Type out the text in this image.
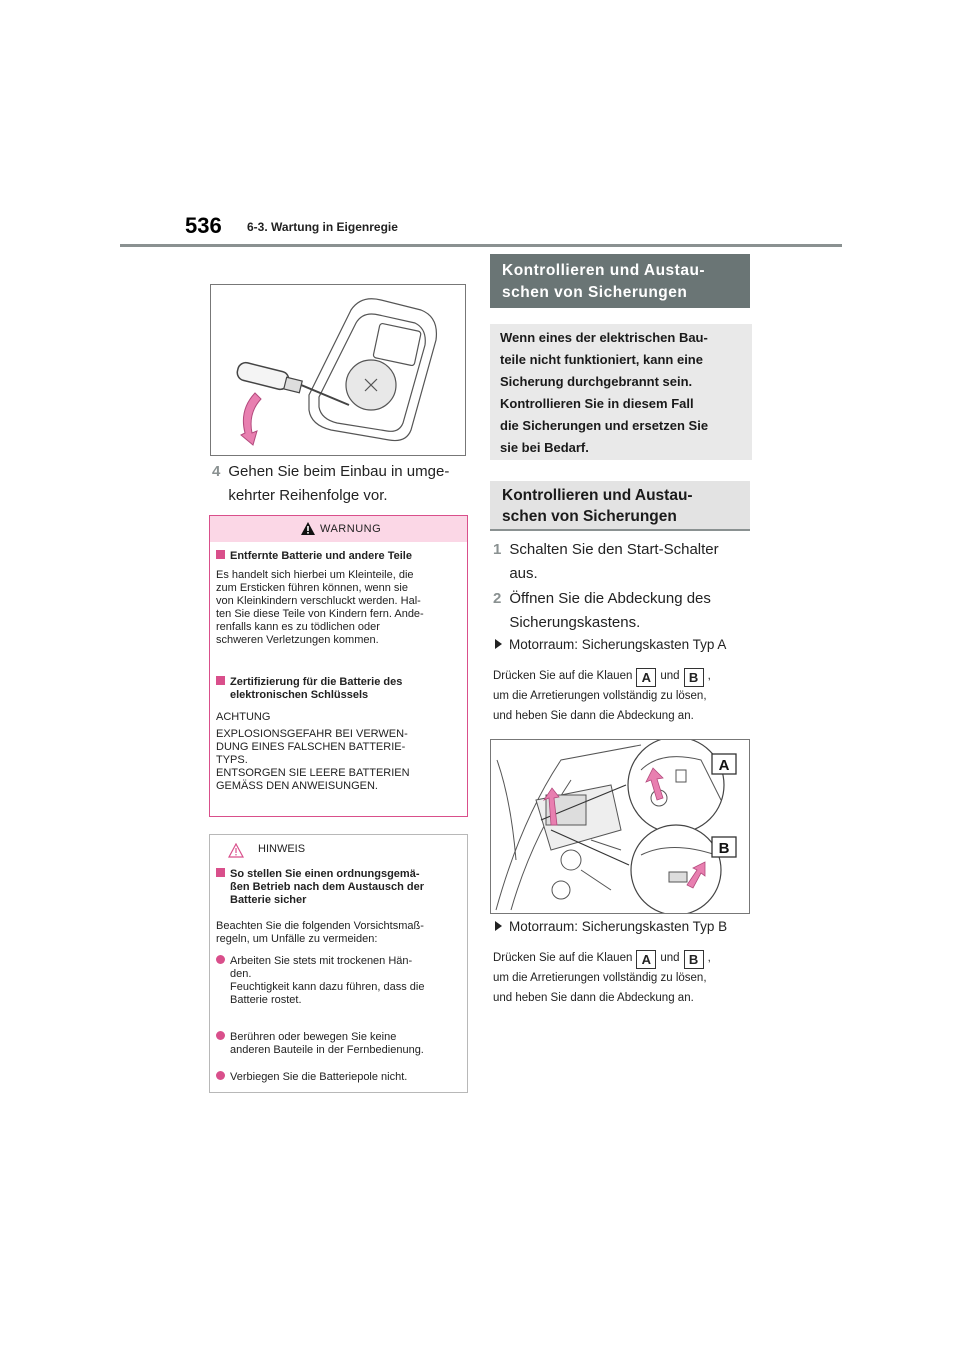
536 6-3. Wartung in Eigenregie
4 Gehen Sie beim Einbau in umge-
kehrter Reihenfolge vor.
WARNUNG
Entfernte Batterie und andere Teile
Es handelt sich hierbei um Kleinteile, die
zum Ersticken führen können, wenn sie
von Kleinkindern verschluckt werden. Hal-
ten Sie diese Teile von Kindern fern. Ande-
renfalls kann es zu tödlichen oder
schweren Verletzungen kommen.
Zertifizierung für die Batterie des

elektronischen Schlüssels
ACHTUNG

EXPLOSIONSGEFAHR BEI VERWEN-
DUNG EINES FALSCHEN BATTERIE-
TYPS.
ENTSORGEN SIE LEERE BATTERIEN
GEMÄSS DEN ANWEISUNGEN.
HINWEIS
So stellen Sie einen ordnungsgemä-

ßen Betrieb nach dem Austausch der
Batterie sicher
Beachten Sie die folgenden Vorsichtsmaß-
regeln, um Unfälle zu vermeiden:
Arbeiten Sie stets mit trockenen Hän-

den.
Feuchtigkeit kann dazu führen, dass die
Batterie rostet.
Berühren oder bewegen Sie keine

anderen Bauteile in der Fernbedienung.
Verbiegen Sie die Batteriepole nicht.
Kontrollieren und Austau-
schen von Sicherungen
Wenn eines der elektrischen Bau-
teile nicht funktioniert, kann eine
Sicherung durchgebrannt sein.
Kontrollieren Sie in diesem Fall
die Sicherungen und ersetzen Sie
sie bei Bedarf.
Kontrollieren und Austau-
schen von Sicherungen
1 Schalten Sie den Start-Schalter
aus.
2 Öffnen Sie die Abdeckung des
Sicherungskastens.
Motorraum: Sicherungskasten Typ A
Drücken Sie auf die Klauen A und B ,
um die Arretierungen vollständig zu lösen,
und heben Sie dann die Abdeckung an.
A
B
Motorraum: Sicherungskasten Typ B
Drücken Sie auf die Klauen A und B ,
um die Arretierungen vollständig zu lösen,
und heben Sie dann die Abdeckung an.
